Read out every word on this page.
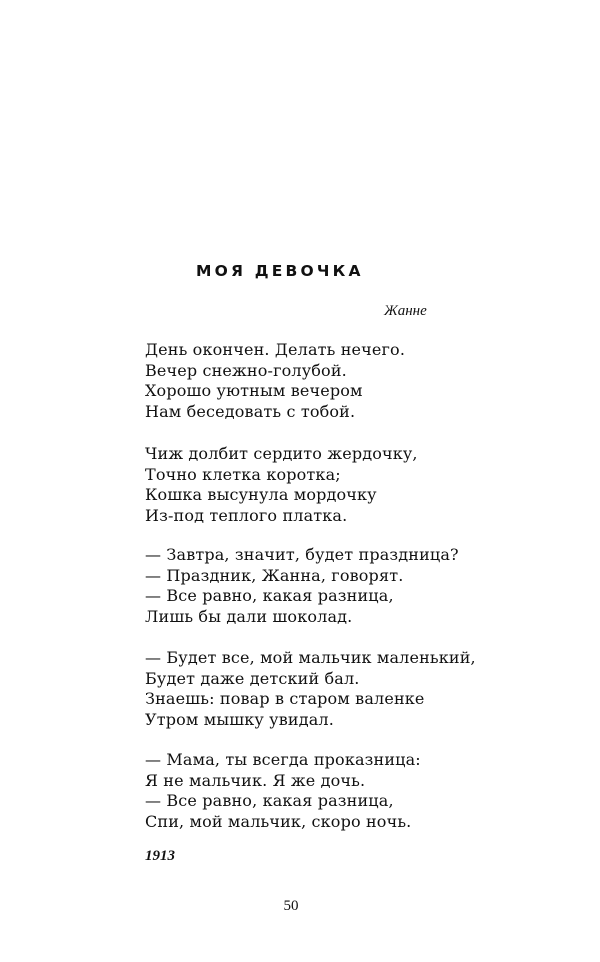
МОЯ ДЕВОЧКА

Жанне

День окончен. Делать нечего.
Вечер снежно-голубой.
Хорошо уютным вечером
Нам беседовать с тобой.
Чиж долбит сердито жердочку,
Точно клетка коротка;
Кошка высунула мордочку
Из-под теплого платка.
— Завтра, значит, будет праздница?
— Праздник, Жанна, говорят.
— Все равно, какая разница,
Лишь бы дали шоколад.
— Будет все, мой мальчик маленький,
Будет даже детский бал.
Знаешь: повар в старом валенке
Утром мышку увидал.
— Мама, ты всегда проказница:
Я не мальчик. Я же дочь.
— Все равно, какая разница,
Спи, мой мальчик, скоро ночь.

1913

50
